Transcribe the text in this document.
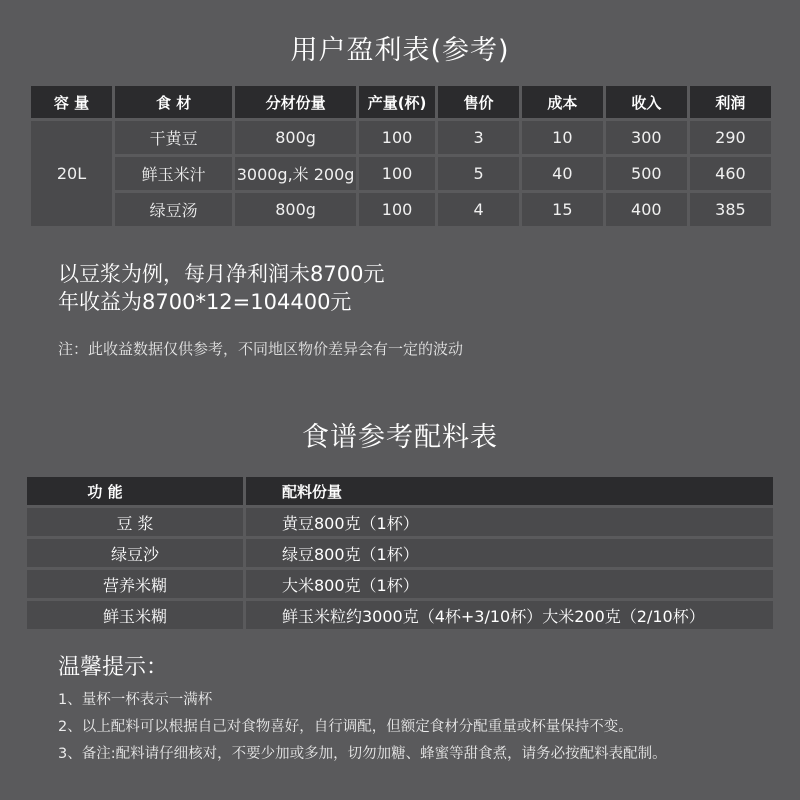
用户盈利表(参考)
容 量	食 材	分材份量	产量(杯)	售价	成本	收入	利润
20L	干黄豆	800g	100	3	10	300	290
	鲜玉米汁	3000g,米 200g	100	5	40	500	460
	绿豆汤	800g	100	4	15	400	385
以豆浆为例，每月净利润未8700元
年收益为8700*12=104400元
注：此收益数据仅供参考，不同地区物价差异会有一定的波动
食谱参考配料表
功 能	配料份量
豆 浆	黄豆800克（1杯）
绿豆沙	绿豆800克（1杯）
营养米糊	大米800克（1杯）
鲜玉米糊	鲜玉米粒约3000克（4杯+3/10杯）大米200克（2/10杯）
温馨提示：
1、量杯一杯表示一满杯
2、以上配料可以根据自己对食物喜好，自行调配，但额定食材分配重量或杯量保持不变。
3、备注:配料请仔细核对，不要少加或多加，切勿加糖、蜂蜜等甜食煮，请务必按配料表配制。
